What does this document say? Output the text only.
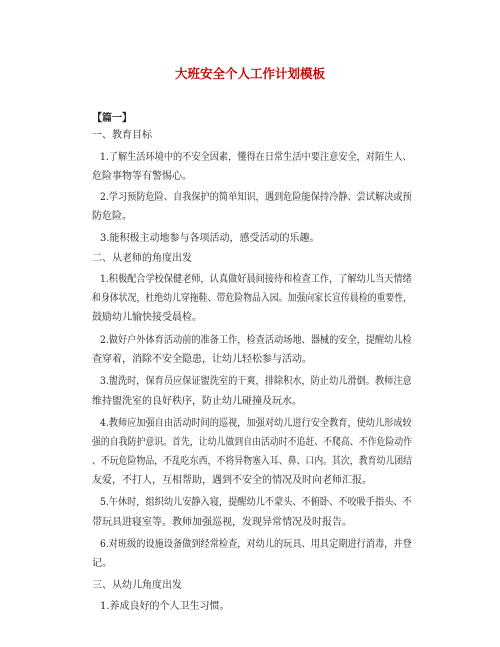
大班安全个人工作计划模板
【篇一】
一、教育目标
1.了解生活环境中的不安全因素，懂得在日常生活中要注意安全，对陌生人、
危险事物等有警惕心。
2.学习预防危险、自我保护的简单知识，遇到危险能保持冷静、尝试解决或预
防危险。
3.能积极主动地参与各项活动，感受活动的乐趣。
二、从老师的角度出发
1.积极配合学校保健老师，认真做好晨间接待和检查工作，了解幼儿当天情绪
和身体状况，杜绝幼儿穿拖鞋、带危险物品入园。加强向家长宣传晨检的重要性，
鼓励幼儿愉快接受晨检。
2.做好户外体育活动前的准备工作，检查活动场地、器械的安全，提醒幼儿检
查穿着，消除不安全隐患，让幼儿轻松参与活动。
3.盥洗时，保育员应保证盥洗室的干爽，排除积水，防止幼儿滑倒。教师注意
维持盥洗室的良好秩序，防止幼儿碰撞及玩水。
4.教师应加强自由活动时间的巡视，加强对幼儿进行安全教育，使幼儿形成较
强的自我防护意识。首先，让幼儿做到自由活动时不追赶、不爬高、不作危险动作
、不玩危险物品，不乱吃东西，不将异物塞入耳、鼻、口内。其次，教育幼儿团结
友爱，不打人，互相帮助，遇到不安全的情况及时向老师汇报。
5.午休时，组织幼儿安静入寝，提醒幼儿不蒙头、不俯卧、不咬吸手指头、不
带玩具进寝室等。教师加强巡视，发现异常情况及时报告。
6.对班级的设施设备做到经常检查，对幼儿的玩具、用具定期进行消毒，并登
记。
三、从幼儿角度出发
1.养成良好的个人卫生习惯。
